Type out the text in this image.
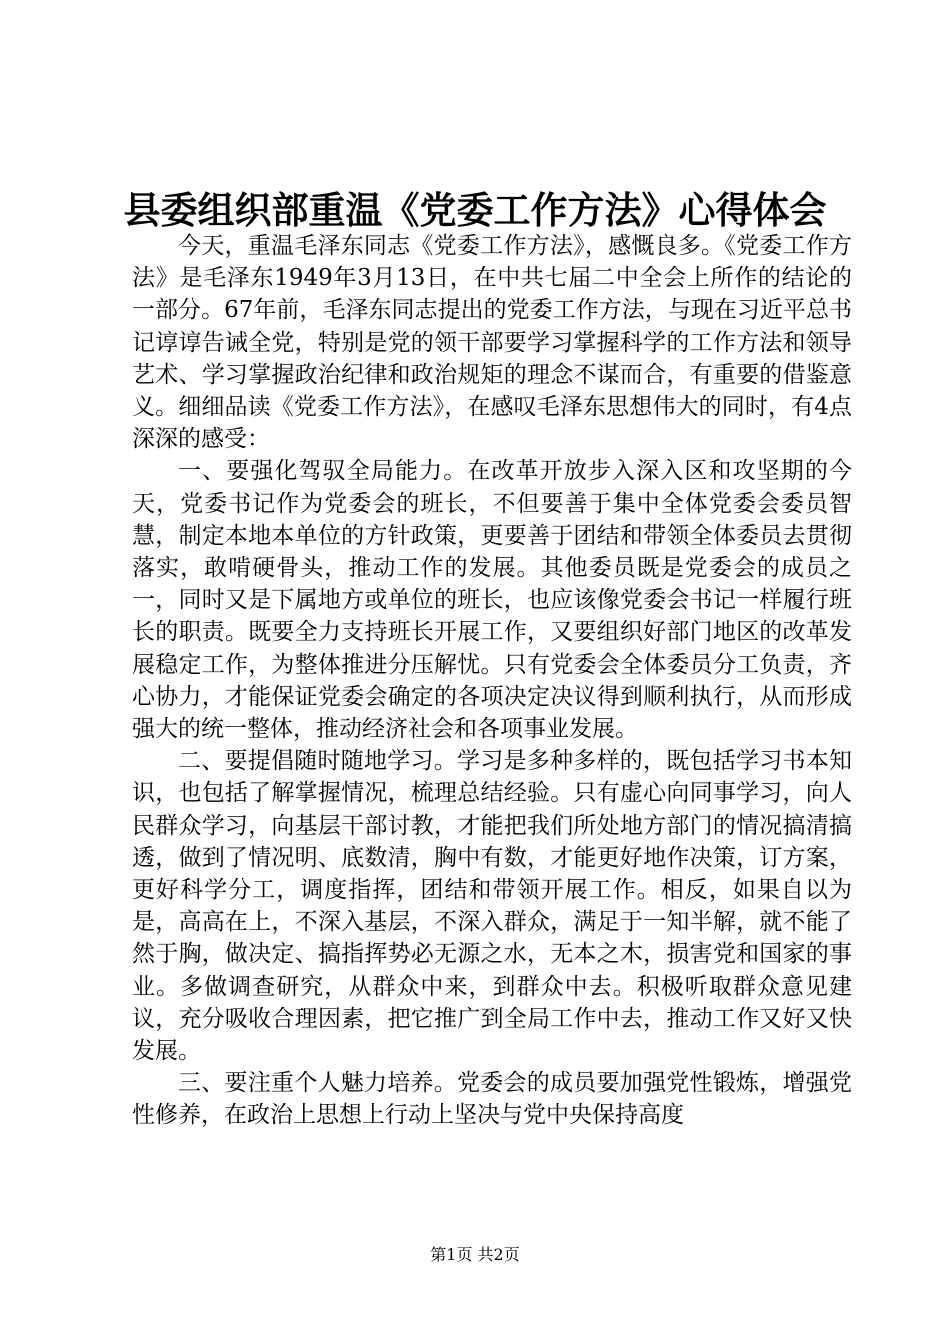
县委组织部重温《党委工作方法》心得体会

今天，重温毛泽东同志《党委工作方法》，感慨良多。《党委工作方法》是毛泽东1949年3月13日，在中共七届二中全会上所作的结论的一部分。67年前，毛泽东同志提出的党委工作方法，与现在习近平总书记谆谆告诫全党，特别是党的领干部要学习掌握科学的工作方法和领导艺术、学习掌握政治纪律和政治规矩的理念不谋而合，有重要的借鉴意义。细细品读《党委工作方法》，在感叹毛泽东思想伟大的同时，有4点深深的感受：

一、要强化驾驭全局能力。在改革开放步入深入区和攻坚期的今天，党委书记作为党委会的班长，不但要善于集中全体党委会委员智慧，制定本地本单位的方针政策，更要善于团结和带领全体委员去贯彻落实，敢啃硬骨头，推动工作的发展。其他委员既是党委会的成员之一，同时又是下属地方或单位的班长，也应该像党委会书记一样履行班长的职责。既要全力支持班长开展工作，又要组织好部门地区的改革发展稳定工作，为整体推进分压解忧。只有党委会全体委员分工负责，齐心协力，才能保证党委会确定的各项决定决议得到顺利执行，从而形成强大的统一整体，推动经济社会和各项事业发展。

二、要提倡随时随地学习。学习是多种多样的，既包括学习书本知识，也包括了解掌握情况，梳理总结经验。只有虚心向同事学习，向人民群众学习，向基层干部讨教，才能把我们所处地方部门的情况搞清搞透，做到了情况明、底数清，胸中有数，才能更好地作决策，订方案，更好科学分工，调度指挥，团结和带领开展工作。相反，如果自以为是，高高在上，不深入基层，不深入群众，满足于一知半解，就不能了然于胸，做决定、搞指挥势必无源之水，无本之木，损害党和国家的事业。多做调查研究，从群众中来，到群众中去。积极听取群众意见建议，充分吸收合理因素，把它推广到全局工作中去，推动工作又好又快发展。

三、要注重个人魅力培养。党委会的成员要加强党性锻炼，增强党性修养，在政治上思想上行动上坚决与党中央保持高度

第1页 共2页
